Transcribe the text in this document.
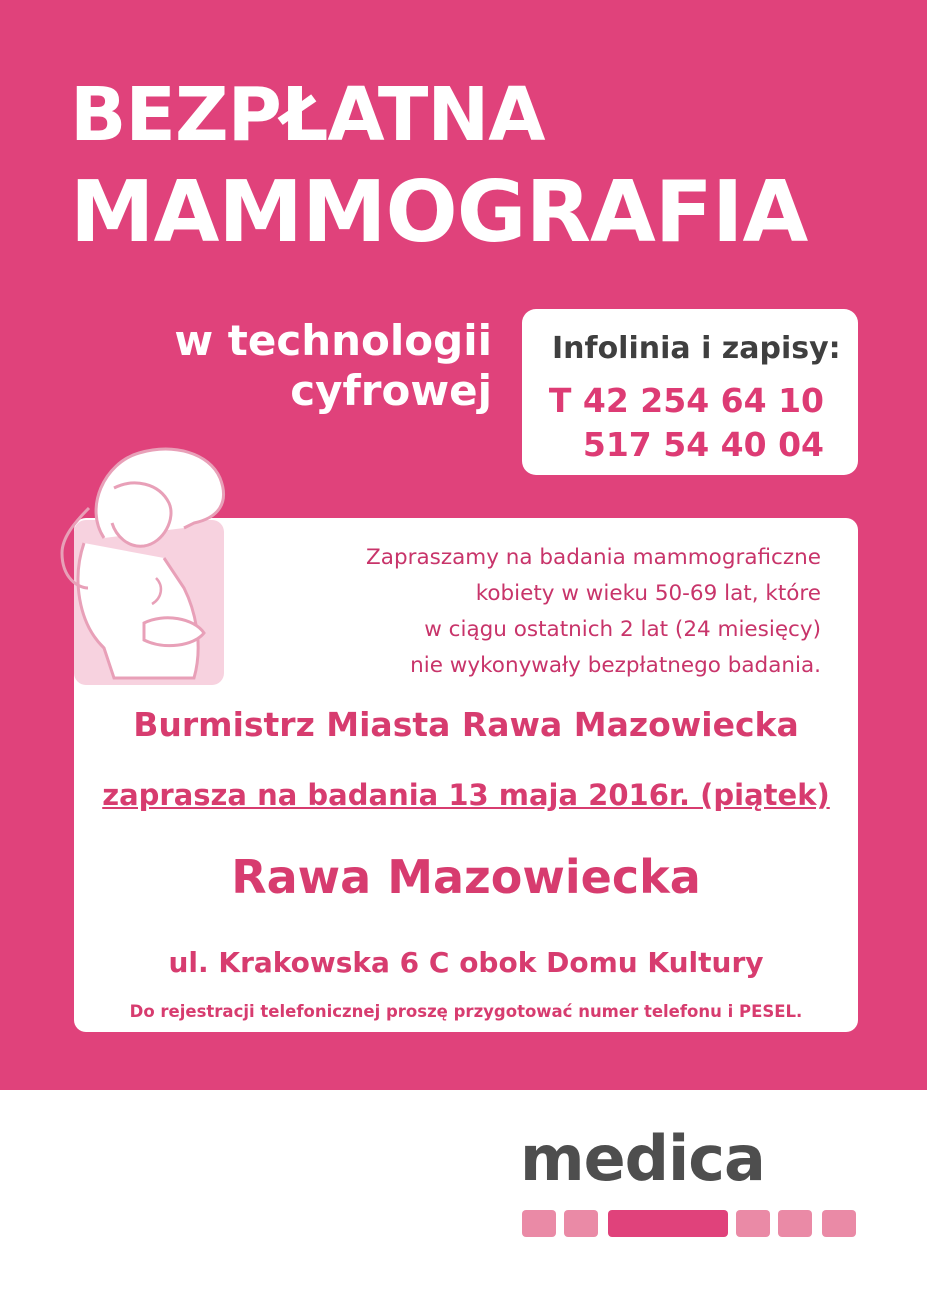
BEZPŁATNA
MAMMOGRAFIA
w technologii
cyfrowej
Infolinia i zapisy:
T 42 254 64 10
517 54 40 04
Zapraszamy na badania mammograficzne
kobiety w wieku 50-69 lat, które
w ciągu ostatnich 2 lat (24 miesięcy)
nie wykonywały bezpłatnego badania.
Burmistrz Miasta Rawa Mazowiecka
zaprasza na badania 13 maja 2016r. (piątek)
Rawa Mazowiecka
ul. Krakowska 6 C obok Domu Kultury
Do rejestracji telefonicznej proszę przygotować numer telefonu i PESEL.
medica
